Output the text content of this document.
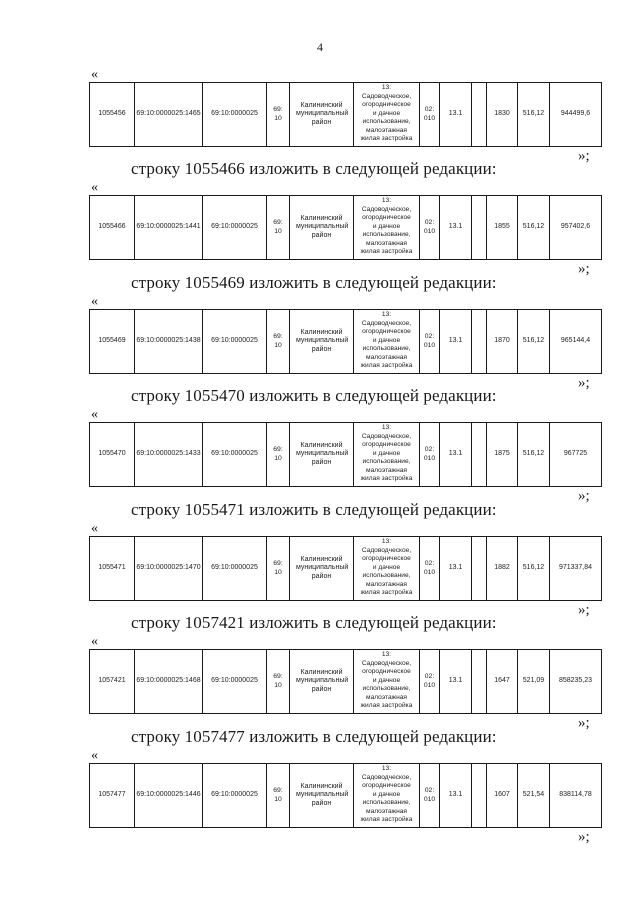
4
«
1055456	69:10:0000025:1465	69:10:0000025	69:
10	Калининский муниципальный район	
13:
Садоводческое,
огородническое
и дачное
использование,
малоэтажная
жилая застройка
	02:
010	13.1		1830	516,12	944499,6
»;
строку 1055466 изложить в следующей редакции:
«
1055466	69:10:0000025:1441	69:10:0000025	69:
10	Калининский муниципальный район	
13:
Садоводческое,
огородническое
и дачное
использование,
малоэтажная
жилая застройка
	02:
010	13.1		1855	516,12	957402,6
»;
строку 1055469 изложить в следующей редакции:
«
1055469	69:10:0000025:1438	69:10:0000025	69:
10	Калининский муниципальный район	
13:
Садоводческое,
огородническое
и дачное
использование,
малоэтажная
жилая застройка
	02:
010	13.1		1870	516,12	965144,4
»;
строку 1055470 изложить в следующей редакции:
«
1055470	69:10:0000025:1433	69:10:0000025	69:
10	Калининский муниципальный район	
13:
Садоводческое,
огородническое
и дачное
использование,
малоэтажная
жилая застройка
	02:
010	13.1		1875	516,12	967725
»;
строку 1055471 изложить в следующей редакции:
«
1055471	69:10:0000025:1470	69:10:0000025	69:
10	Калининский муниципальный район	
13:
Садоводческое,
огородническое
и дачное
использование,
малоэтажная
жилая застройка
	02:
010	13.1		1882	516,12	971337,84
»;
строку 1057421 изложить в следующей редакции:
«
1057421	69:10:0000025:1468	69:10:0000025	69:
10	Калининский муниципальный район	
13:
Садоводческое,
огородническое
и дачное
использование,
малоэтажная
жилая застройка
	02:
010	13.1		1647	521,09	858235,23
»;
строку 1057477 изложить в следующей редакции:
«
1057477	69:10:0000025:1446	69:10:0000025	69:
10	Калининский муниципальный район	
13:
Садоводческое,
огородническое
и дачное
использование,
малоэтажная
жилая застройка
	02:
010	13.1		1607	521,54	838114,78
»;
